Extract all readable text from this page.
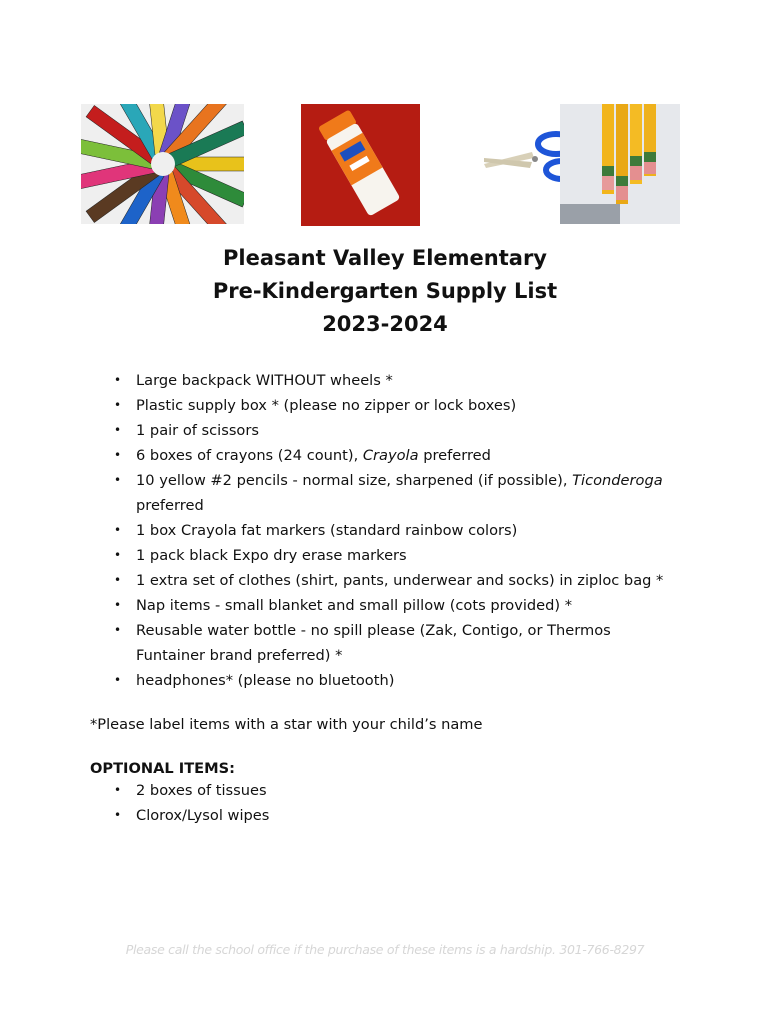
Pleasant Valley Elementary
Pre-Kindergarten Supply List
2023-2024
• Large backpack WITHOUT wheels *
• Plastic supply box * (please no zipper or lock boxes)
• 1 pair of scissors
• 6 boxes of crayons (24 count), Crayola preferred
• 10 yellow #2 pencils - normal size, sharpened (if possible), Ticonderoga preferred
• 1 box Crayola fat markers (standard rainbow colors)
• 1 pack black Expo dry erase markers
• 1 extra set of clothes (shirt, pants, underwear and socks) in ziploc bag *
• Nap items - small blanket and small pillow (cots provided) *
• Reusable water bottle - no spill please (Zak, Contigo, or Thermos Funtainer brand preferred) *
• headphones* (please no bluetooth)
*Please label items with a star with your child’s name
OPTIONAL ITEMS:
• 2 boxes of tissues
• Clorox/Lysol wipes
Please call the school office if the purchase of these items is a hardship. 301-766-8297
